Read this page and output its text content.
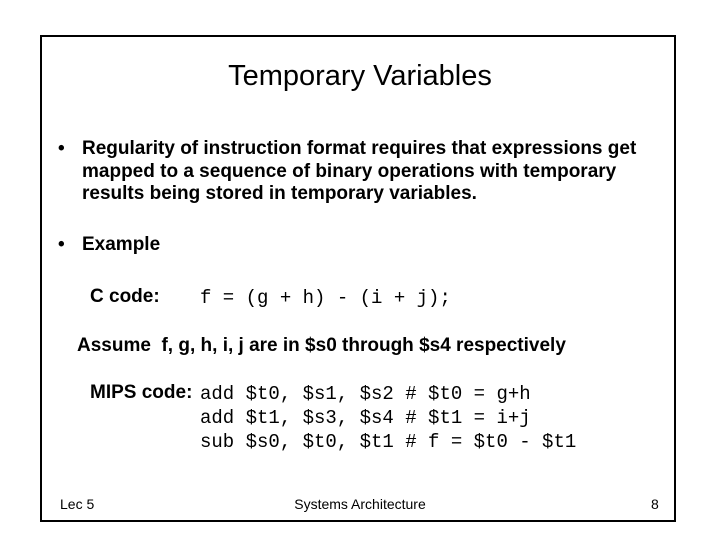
Temporary Variables
• Regularity of instruction format requires that expressions get
mapped to a sequence of binary operations with temporary
results being stored in temporary variables.
• Example
C code: f = (g + h) - (i + j);
Assume  f, g, h, i, j are in $s0 through $s4 respectively
MIPS code: add $t0, $s1, $s2 # $t0 = g+h
add $t1, $s3, $s4 # $t1 = i+j
sub $s0, $t0, $t1 # f = $t0 - $t1
Lec 5	Systems Architecture	8
